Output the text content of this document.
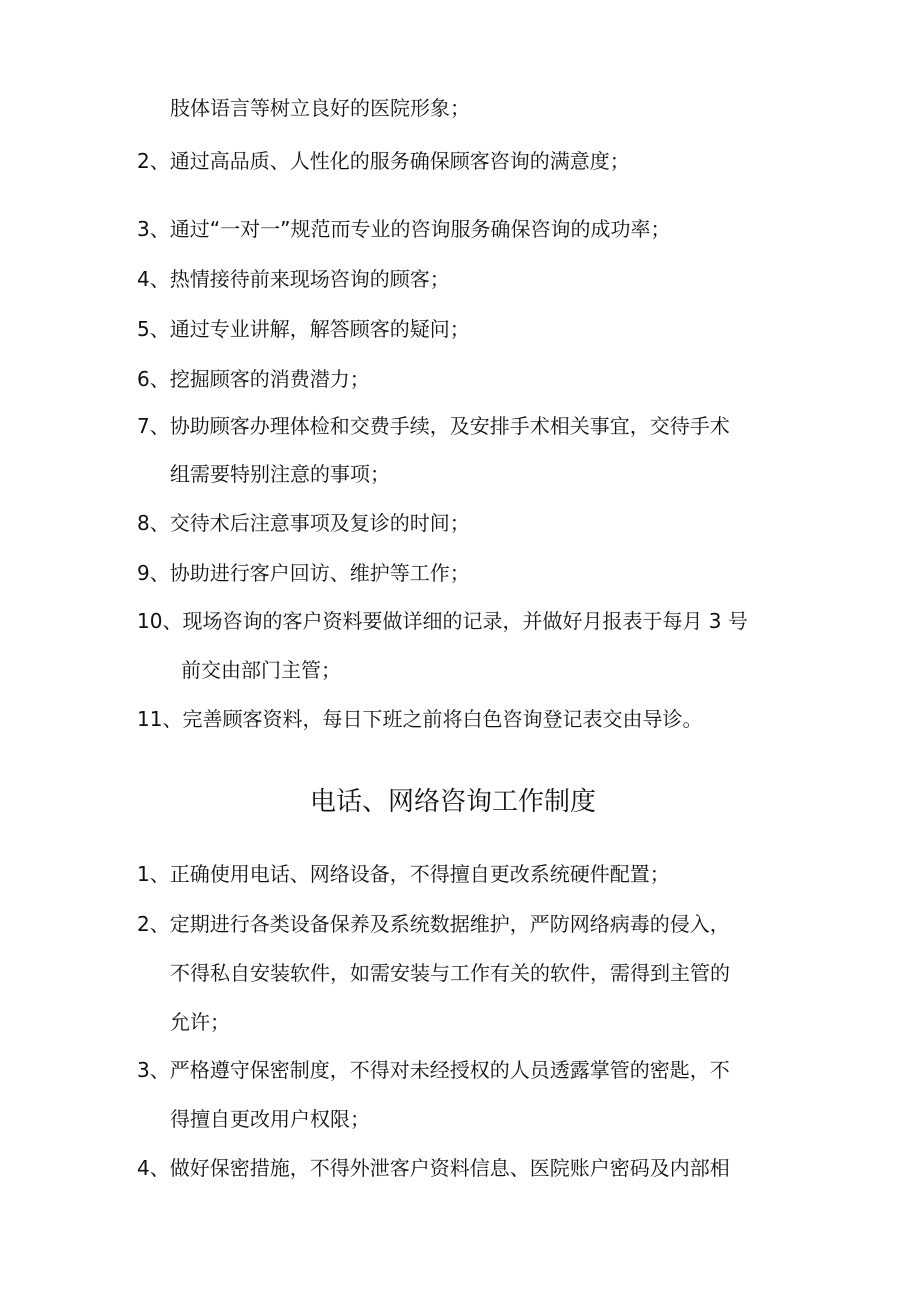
肢体语言等树立良好的医院形象；
2、通过高品质、人性化的服务确保顾客咨询的满意度；
3、通过“一对一”规范而专业的咨询服务确保咨询的成功率；
4、热情接待前来现场咨询的顾客；
5、通过专业讲解，解答顾客的疑问；
6、挖掘顾客的消费潜力；
7、协助顾客办理体检和交费手续，及安排手术相关事宜，交待手术
组需要特别注意的事项；
8、交待术后注意事项及复诊的时间；
9、协助进行客户回访、维护等工作；
10、现场咨询的客户资料要做详细的记录，并做好月报表于每月 3 号
前交由部门主管；
11、完善顾客资料，每日下班之前将白色咨询登记表交由导诊。
电话、网络咨询工作制度
1、正确使用电话、网络设备，不得擅自更改系统硬件配置；
2、定期进行各类设备保养及系统数据维护，严防网络病毒的侵入，
不得私自安装软件，如需安装与工作有关的软件，需得到主管的
允许；
3、严格遵守保密制度，不得对未经授权的人员透露掌管的密匙，不
得擅自更改用户权限；
4、做好保密措施，不得外泄客户资料信息、医院账户密码及内部相
